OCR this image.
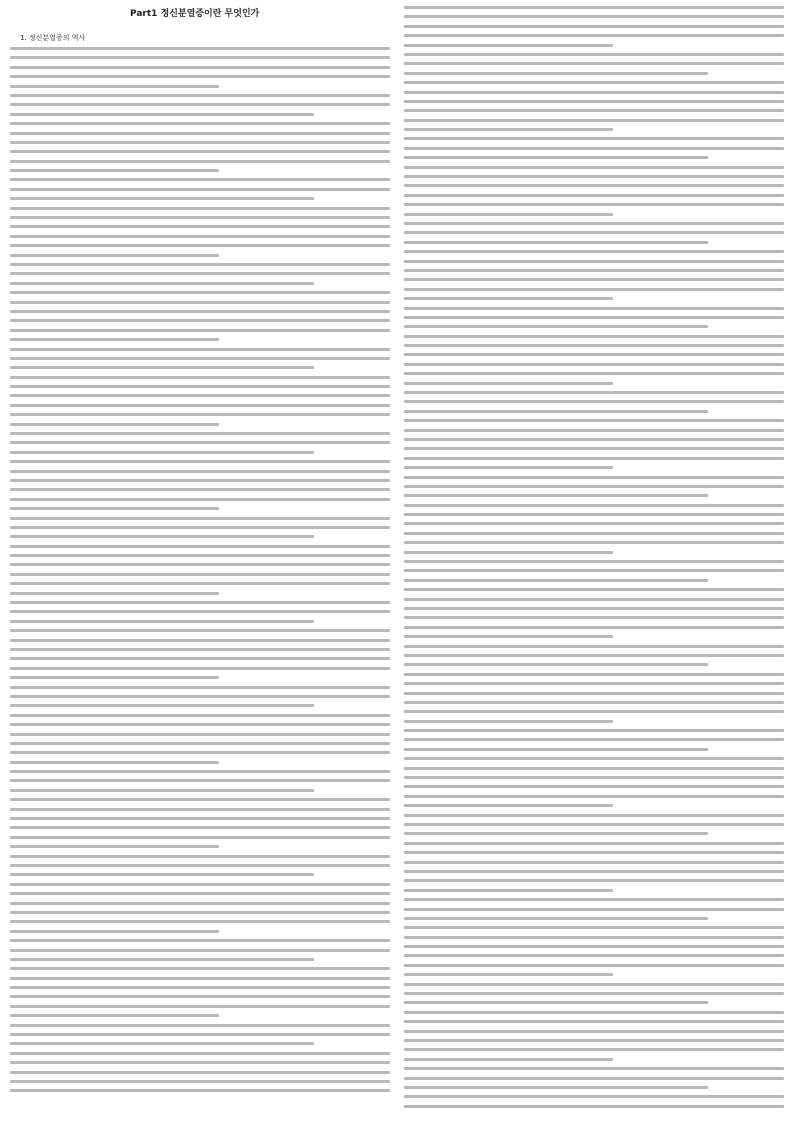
Part1 정신분열증이란 무엇인가
1. 정신분열증의 역사
